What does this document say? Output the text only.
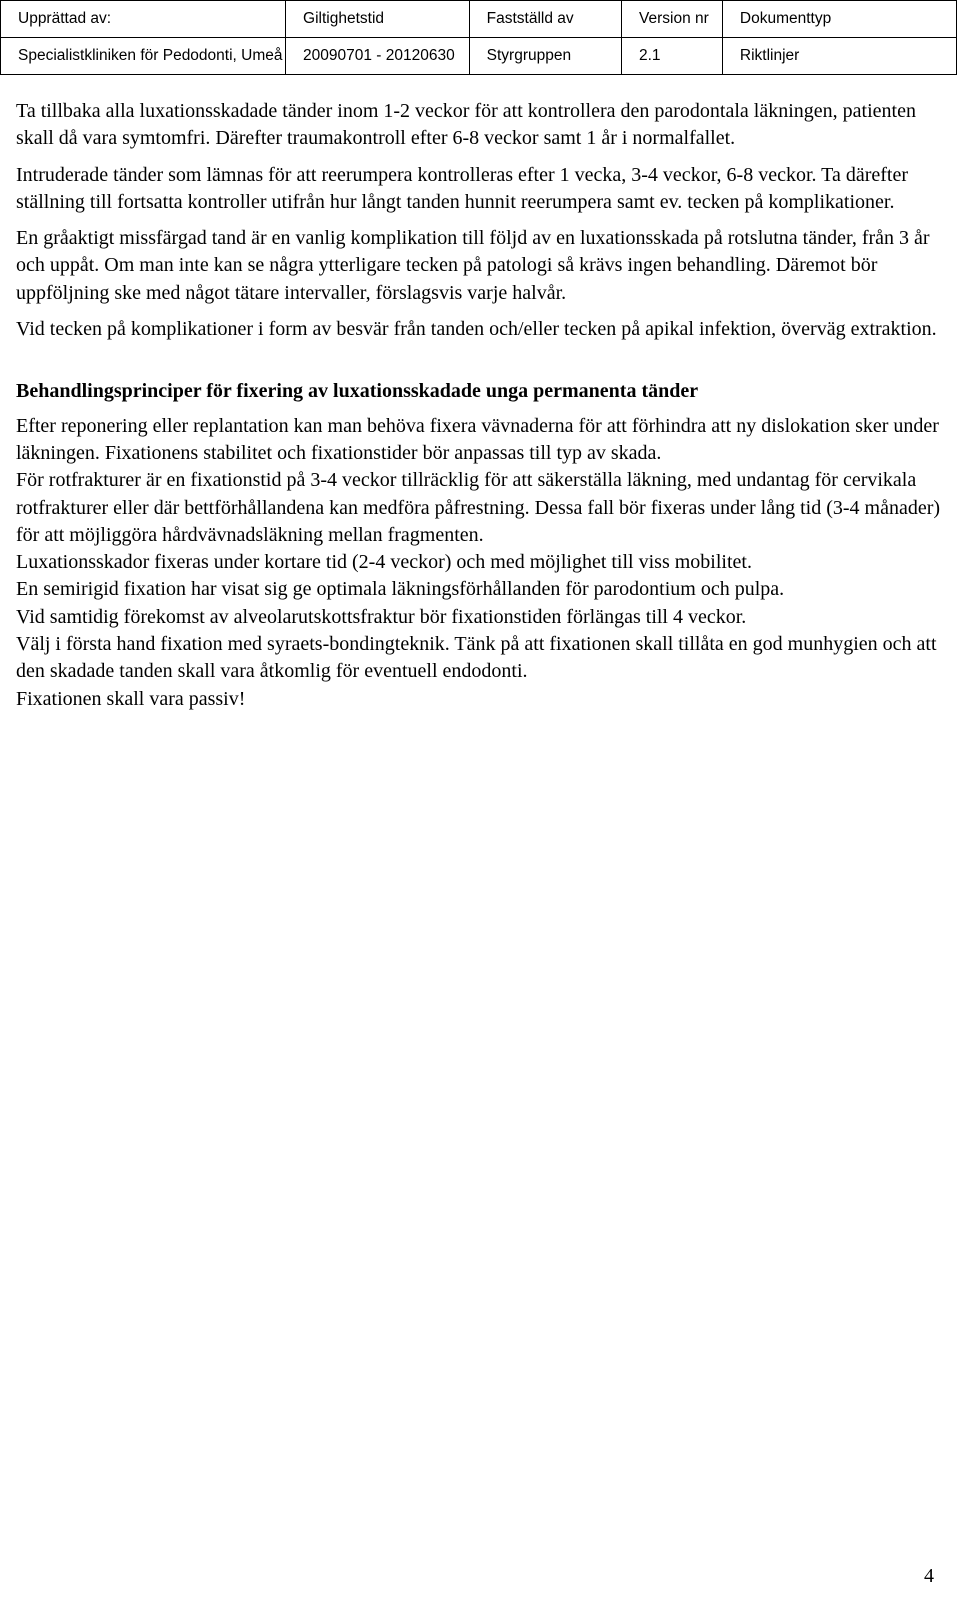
Upprättad av:	Giltighetstid	Fastställd av	Version nr	Dokumenttyp
Specialistkliniken för Pedodonti, Umeå	20090701 - 20120630	Styrgruppen	2.1	Riktlinjer

Ta tillbaka alla luxationsskadade tänder inom 1-2 veckor för att kontrollera den parodontala läkningen, patienten skall då vara symtomfri. Därefter traumakontroll efter 6-8 veckor samt 1 år i normalfallet.

Intruderade tänder som lämnas för att reerumpera kontrolleras efter 1 vecka, 3-4 veckor, 6-8 veckor. Ta därefter ställning till fortsatta kontroller utifrån hur långt tanden hunnit reerumpera samt ev. tecken på komplikationer.

En gråaktigt missfärgad tand är en vanlig komplikation till följd av en luxationsskada på rotslutna tänder, från 3 år och uppåt. Om man inte kan se några ytterligare tecken på patologi så krävs ingen behandling. Däremot bör uppföljning ske med något tätare intervaller, förslagsvis varje halvår.

Vid tecken på komplikationer i form av besvär från tanden och/eller tecken på apikal infektion, överväg extraktion.

Behandlingsprinciper för fixering av luxationsskadade unga permanenta tänder
Efter reponering eller replantation kan man behöva fixera vävnaderna för att förhindra att ny dislokation sker under läkningen. Fixationens stabilitet och fixationstider bör anpassas till typ av skada.
För rotfrakturer är en fixationstid på 3-4 veckor tillräcklig för att säkerställa läkning, med undantag för cervikala rotfrakturer eller där bettförhållandena kan medföra påfrestning. Dessa fall bör fixeras under lång tid (3-4 månader) för att möjliggöra hårdvävnadsläkning mellan fragmenten.
Luxationsskador fixeras under kortare tid (2-4 veckor) och med möjlighet till viss mobilitet.
En semirigid fixation har visat sig ge optimala läkningsförhållanden för parodontium och pulpa.
Vid samtidig förekomst av alveolarutskottsfraktur bör fixationstiden förlängas till 4 veckor.
Välj i första hand fixation med syraets-bondingteknik. Tänk på att fixationen skall tillåta en god munhygien och att den skadade tanden skall vara åtkomlig för eventuell endodonti.
Fixationen skall vara passiv!
4
